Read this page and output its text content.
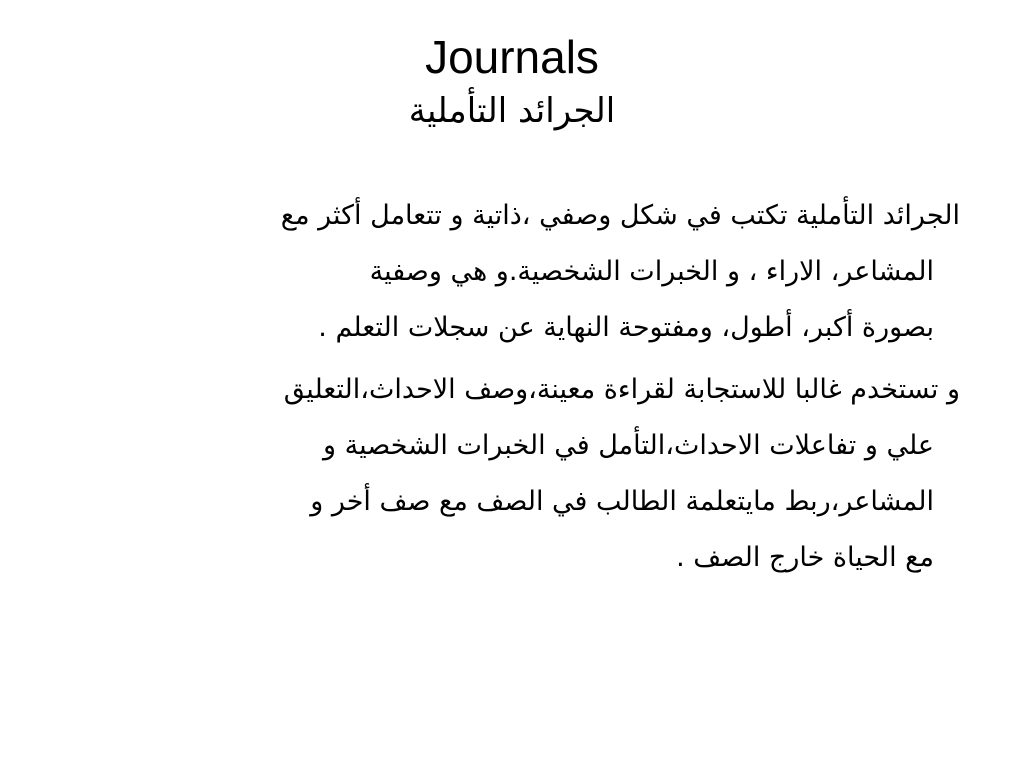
Journals
الجرائد التأملية

الجرائد التأملية تكتب في شكل وصفي ،ذاتية و تتعامل أكثر مع
المشاعر، الاراء ، و الخبرات الشخصية.و هي وصفية
بصورة أكبر، أطول، ومفتوحة النهاية عن سجلات التعلم .

و تستخدم غالبا للاستجابة لقراءة معينة،وصف الاحداث،التعليق
علي و تفاعلات الاحداث،التأمل في الخبرات الشخصية و
المشاعر،ربط مايتعلمة الطالب في الصف مع صف أخر و
مع الحياة خارج الصف .
